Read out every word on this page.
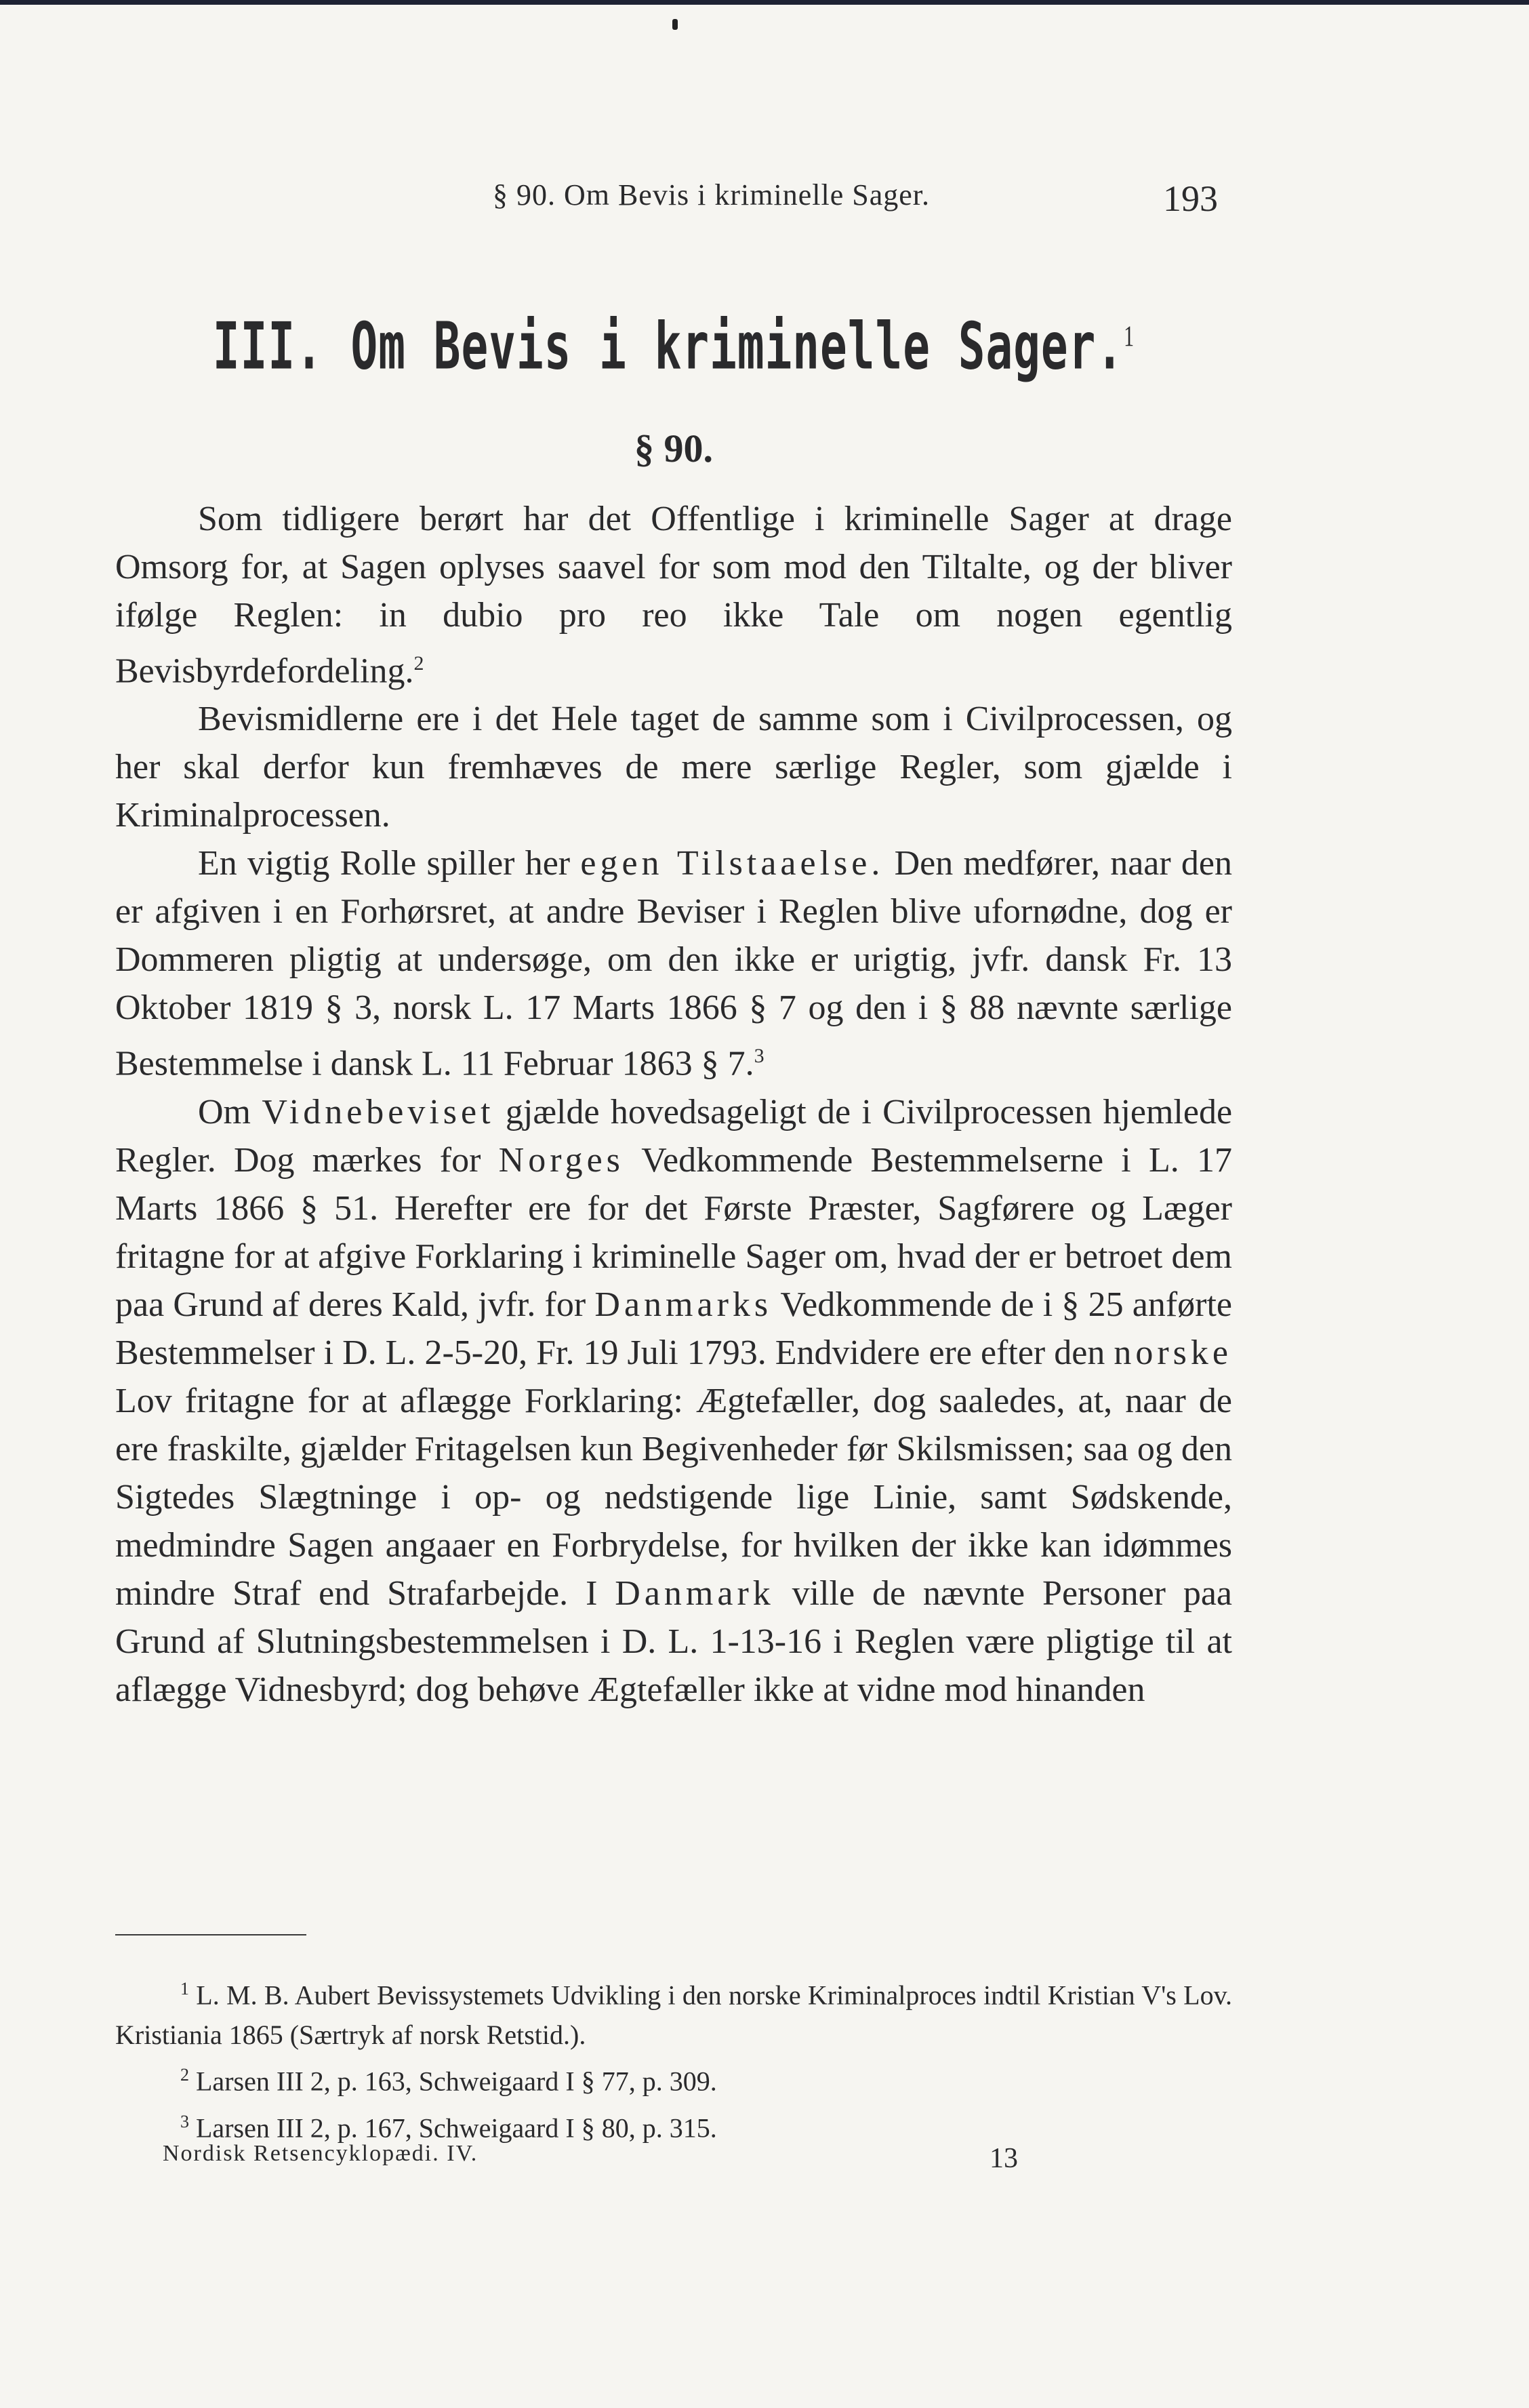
§ 90. Om Bevis i kriminelle Sager.	193
III. Om Bevis i kriminelle Sager.$^1$
§ 90.

Som tidligere berørt har det Offentlige i kriminelle Sager at drage Omsorg for, at Sagen oplyses saavel for som mod den Tiltalte, og der bliver ifølge Reglen: in dubio pro reo ikke Tale om nogen egentlig Bevisbyrdefordeling.$^2$

Bevismidlerne ere i det Hele taget de samme som i Civilprocessen, og her skal derfor kun fremhæves de mere særlige Regler, som gjælde i Kriminalprocessen.

En vigtig Rolle spiller her egen Tilstaaelse. Den medfører, naar den er afgiven i en Forhørsret, at andre Beviser i Reglen blive ufornødne, dog er Dommeren pligtig at undersøge, om den ikke er urigtig, jvfr. dansk Fr. 13 Oktober 1819 § 3, norsk L. 17 Marts 1866 § 7 og den i § 88 nævnte særlige Bestemmelse i dansk L. 11 Februar 1863 § 7.$^3$

Om Vidnebeviset gjælde hovedsageligt de i Civilprocessen hjemlede Regler. Dog mærkes for Norges Vedkommende Bestemmelserne i L. 17 Marts 1866 § 51. Herefter ere for det Første Præster, Sagførere og Læger fritagne for at afgive Forklaring i kriminelle Sager om, hvad der er betroet dem paa Grund af deres Kald, jvfr. for Danmarks Vedkommende de i § 25 anførte Bestemmelser i D. L. 2-5-20, Fr. 19 Juli 1793. Endvidere ere efter den norske Lov fritagne for at aflægge Forklaring: Ægtefæller, dog saaledes, at, naar de ere fraskilte, gjælder Fritagelsen kun Begivenheder før Skilsmissen; saa og den Sigtedes Slægtninge i op- og nedstigende lige Linie, samt Sødskende, medmindre Sagen angaaer en Forbrydelse, for hvilken der ikke kan idømmes mindre Straf end Strafarbejde. I Danmark ville de nævnte Personer paa Grund af Slutningsbestemmelsen i D. L. 1-13-16 i Reglen være pligtige til at aflægge Vidnesbyrd; dog behøve Ægtefæller ikke at vidne mod hinanden

$^1$ L. M. B. Aubert Bevissystemets Udvikling i den norske Kriminalproces indtil Kristian V's Lov. Kristiania 1865 (Særtryk af norsk Retstid.).

$^2$ Larsen III 2, p. 163, Schweigaard I § 77, p. 309.

$^3$ Larsen III 2, p. 167, Schweigaard I § 80, p. 315.

Nordisk Retsencyklopædi. IV.	13
